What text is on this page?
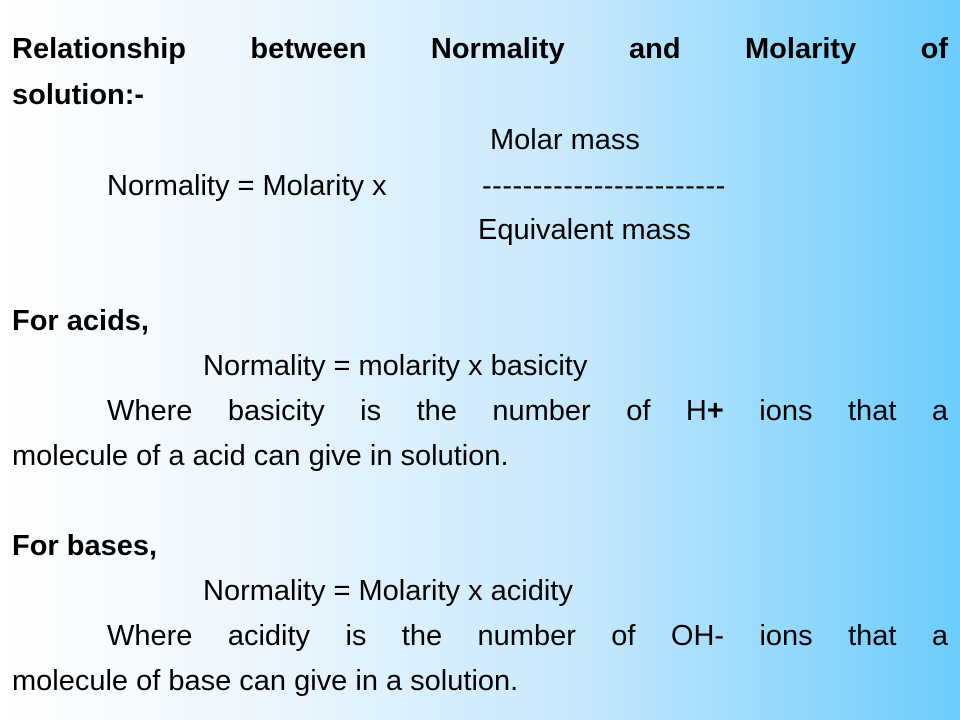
Relationship between Normality and Molarity of
solution:-
Molar mass
Normality = Molarity x	------------------------
Equivalent mass
For acids,
Normality = molarity x basicity
Where basicity is the number of H+ ions that a
molecule of a acid can give in solution.
For bases,
Normality = Molarity x acidity
Where acidity is the number of OH- ions that a
molecule of base can give in a solution.
